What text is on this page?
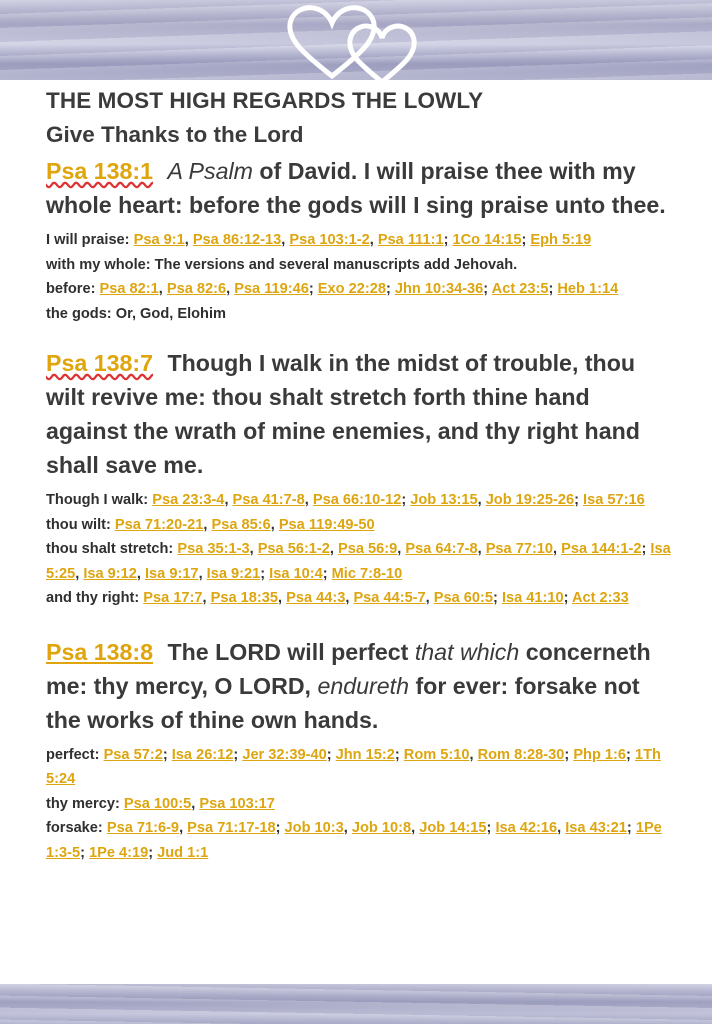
THE MOST HIGH REGARDS THE LOWLY
Give Thanks to the Lord

Psa 138:1 A Psalm of David. I will praise thee with my whole heart: before the gods will I sing praise unto thee.

I will praise: Psa 9:1, Psa 86:12-13, Psa 103:1-2, Psa 111:1; 1Co 14:15; Eph 5:19
with my whole: The versions and several manuscripts add Jehovah.
before: Psa 82:1, Psa 82:6, Psa 119:46; Exo 22:28; Jhn 10:34-36; Act 23:5; Heb 1:14
the gods: Or, God, Elohim

Psa 138:7 Though I walk in the midst of trouble, thou wilt revive me: thou shalt stretch forth thine hand against the wrath of mine enemies, and thy right hand shall save me.

Though I walk: Psa 23:3-4, Psa 41:7-8, Psa 66:10-12; Job 13:15, Job 19:25-26; Isa 57:16
thou wilt: Psa 71:20-21, Psa 85:6, Psa 119:49-50
thou shalt stretch: Psa 35:1-3, Psa 56:1-2, Psa 56:9, Psa 64:7-8, Psa 77:10, Psa 144:1-2; Isa 5:25, Isa 9:12, Isa 9:17, Isa 9:21; Isa 10:4; Mic 7:8-10
and thy right: Psa 17:7, Psa 18:35, Psa 44:3, Psa 44:5-7, Psa 60:5; Isa 41:10; Act 2:33

Psa 138:8 The LORD will perfect that which concerneth me: thy mercy, O LORD, endureth for ever: forsake not the works of thine own hands.

perfect: Psa 57:2; Isa 26:12; Jer 32:39-40; Jhn 15:2; Rom 5:10, Rom 8:28-30; Php 1:6; 1Th 5:24
thy mercy: Psa 100:5, Psa 103:17
forsake: Psa 71:6-9, Psa 71:17-18; Job 10:3, Job 10:8, Job 14:15; Isa 42:16, Isa 43:21; 1Pe 1:3-5; 1Pe 4:19; Jud 1:1
